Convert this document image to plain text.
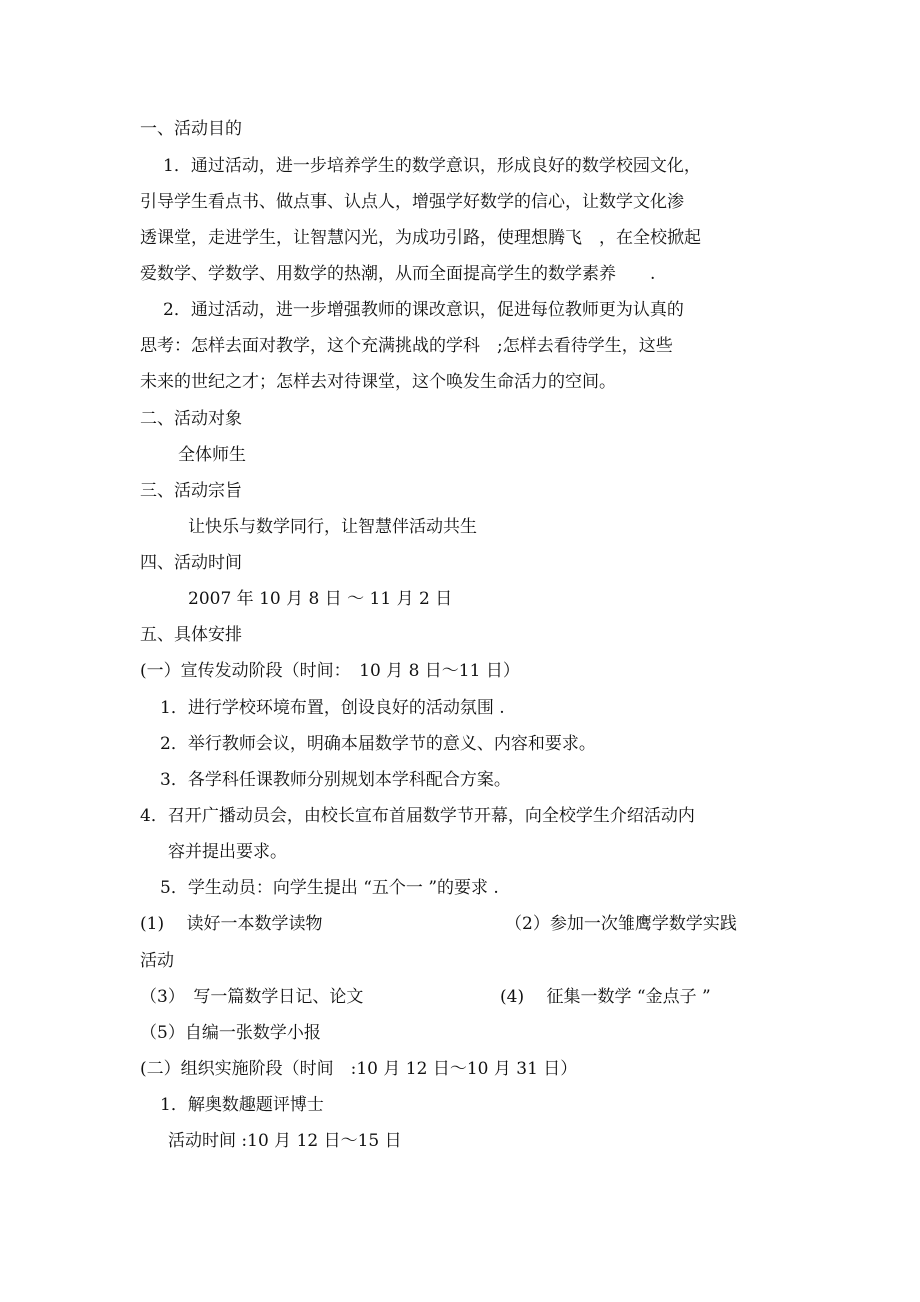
一、活动目的
1．通过活动，进一步培养学生的数学意识，形成良好的数学校园文化，
引导学生看点书、做点事、认点人，增强学好数学的信心，让数学文化渗
透课堂，走进学生，让智慧闪光，为成功引路，使理想腾飞　，在全校掀起
爱数学、学数学、用数学的热潮，从而全面提高学生的数学素养　　.
2．通过活动，进一步增强教师的课改意识，促进每位教师更为认真的
思考：怎样去面对教学，这个充满挑战的学科　;怎样去看待学生，这些
未来的世纪之才；怎样去对待课堂，这个唤发生命活力的空间。
二、活动对象
全体师生
三、活动宗旨
让快乐与数学同行，让智慧伴活动共生
四、活动时间
2007 年 10 月 8 日 ～ 11 月 2 日
五、具体安排
(一）宣传发动阶段（时间：　10 月 8 日～11 日）
1．进行学校环境布置，创设良好的活动氛围 .
2．举行教师会议，明确本届数学节的意义、内容和要求。
3．各学科任课教师分别规划本学科配合方案。
4．召开广播动员会，由校长宣布首届数学节开幕，向全校学生介绍活动内
容并提出要求。
5．学生动员：向学生提出 “五个一 ”的要求 .
(1)　 读好一本数学读物	（2）参加一次雏鹰学数学实践
活动
（3）　写一篇数学日记、论文	(4)　 征集一数学 “金点子 ”
（5）自编一张数学小报
(二）组织实施阶段（时间　:10 月 12 日～10 月 31 日）
1．解奥数趣题评博士
活动时间 :10 月 12 日～15 日
